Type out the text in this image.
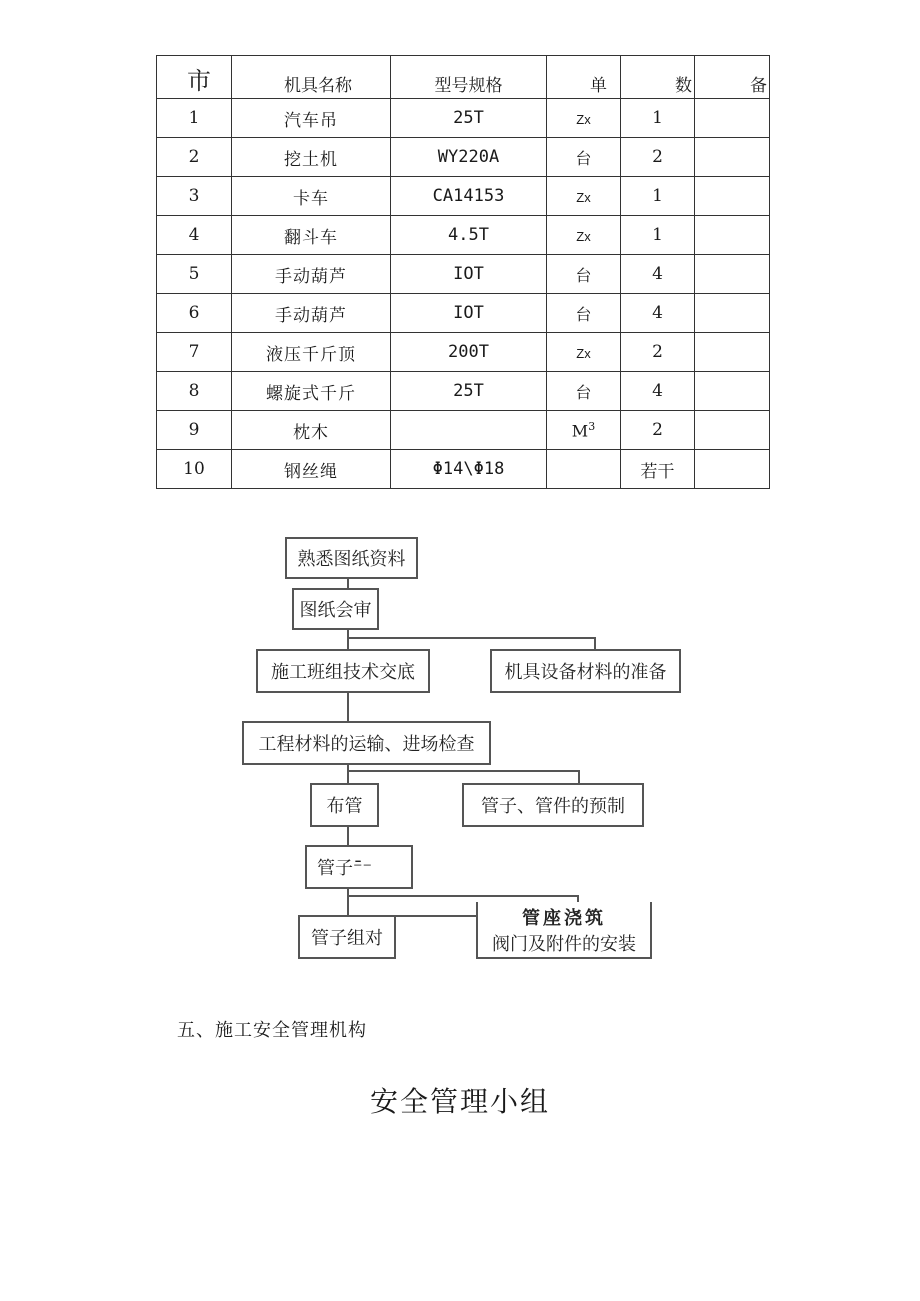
市	机具名称	型号规格	单	数	备
1	汽车吊	25T	Zx	1	
2	挖土机	WY220A	台	2	
3	卡车	CA14153	Zx	1	
4	翻斗车	4.5T	Zx	1	
5	手动葫芦	IOT	台	4	
6	手动葫芦	IOT	台	4	
7	液压千斤顶	200T	Zx	2	
8	螺旋式千斤	25T	台	4	
9	枕木		$M^3$	2	
10	钢丝绳	Φ14\Φ18		若干	
熟悉图纸资料
图纸会审
施工班组技术交底	机具设备材料的准备
工程材料的运输、进场检查
布管	管子、管件的预制
管子⁻̄̄⁻
管子组对
管座浇筑
阀门及附件的安装
五、施工安全管理机构
安全管理小组
